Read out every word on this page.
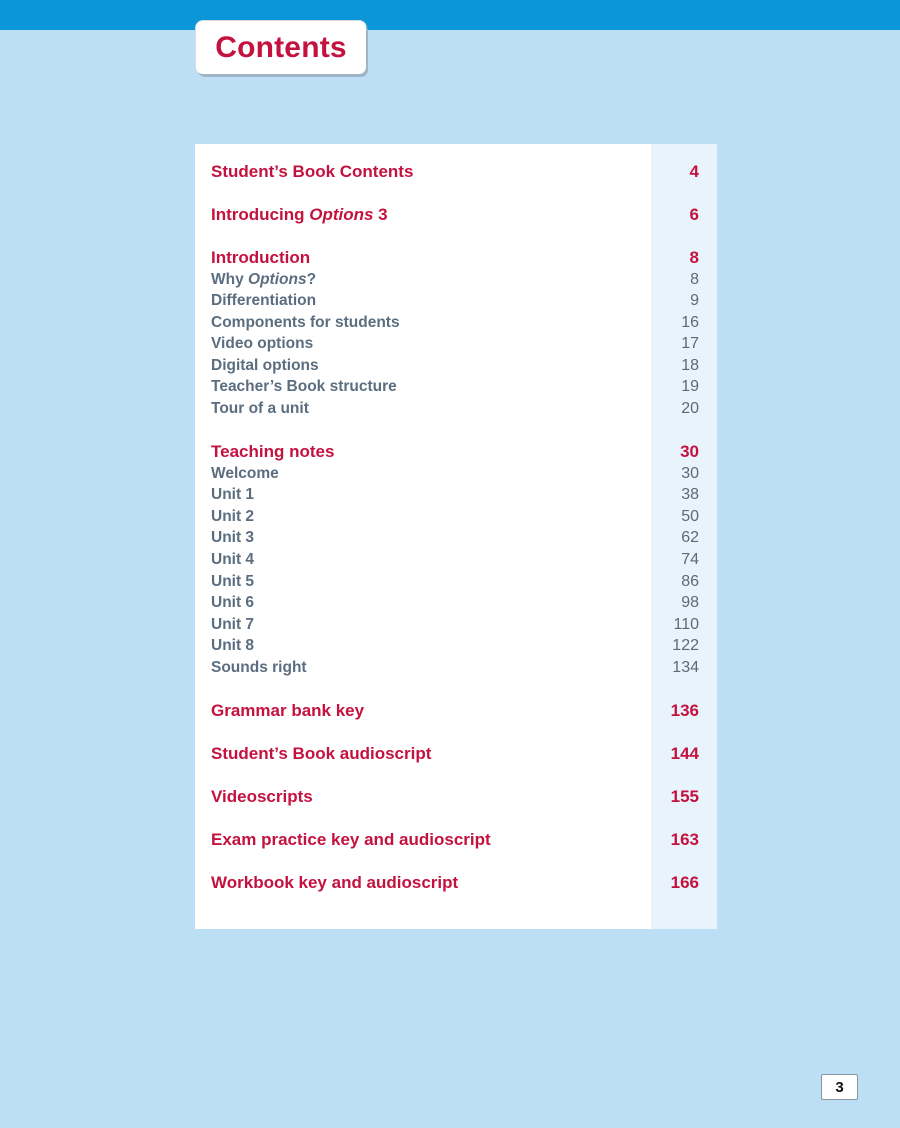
Contents
Student’s Book Contents	4
Introducing Options 3	6
Introduction	8
Why Options?	8
Differentiation	9
Components for students	16
Video options	17
Digital options	18
Teacher’s Book structure	19
Tour of a unit	20
Teaching notes	30
Welcome	30
Unit 1	38
Unit 2	50
Unit 3	62
Unit 4	74
Unit 5	86
Unit 6	98
Unit 7	110
Unit 8	122
Sounds right	134
Grammar bank key	136
Student’s Book audioscript	144
Videoscripts	155
Exam practice key and audioscript	163
Workbook key and audioscript	166
3
